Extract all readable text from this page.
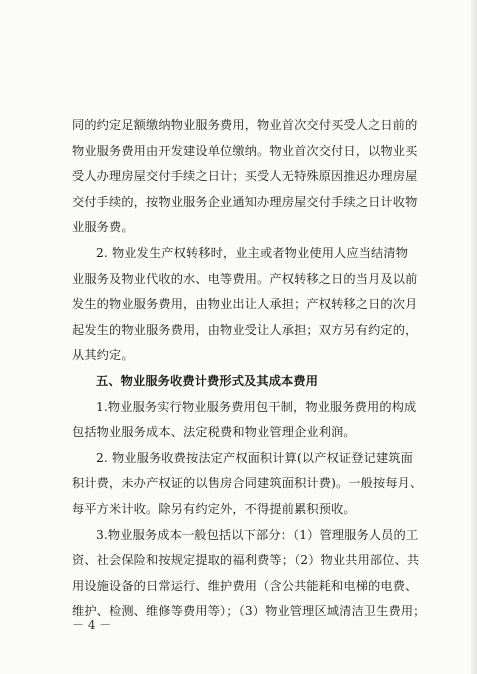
同的约定足额缴纳物业服务费用，物业首次交付买受人之日前的
物业服务费用由开发建设单位缴纳。物业首次交付日，以物业买
受人办理房屋交付手续之日计；买受人无特殊原因推迟办理房屋
交付手续的，按物业服务企业通知办理房屋交付手续之日计收物
业服务费。
2. 物业发生产权转移时，业主或者物业使用人应当结清物
业服务及物业代收的水、电等费用。产权转移之日的当月及以前
发生的物业服务费用，由物业出让人承担；产权转移之日的次月
起发生的物业服务费用，由物业受让人承担；双方另有约定的，
从其约定。
五、物业服务收费计费形式及其成本费用
1.物业服务实行物业服务费用包干制，物业服务费用的构成
包括物业服务成本、法定税费和物业管理企业利润。
2. 物业服务收费按法定产权面积计算(以产权证登记建筑面
积计费，未办产权证的以售房合同建筑面积计费)。一般按每月、
每平方米计收。除另有约定外，不得提前累积预收。
3.物业服务成本一般包括以下部分：（1）管理服务人员的工
资、社会保险和按规定提取的福利费等；（2）物业共用部位、共
用设施设备的日常运行、维护费用（含公共能耗和电梯的电费、
维护、检测、维修等费用等）；（3）物业管理区域清洁卫生费用；
－ 4 －
